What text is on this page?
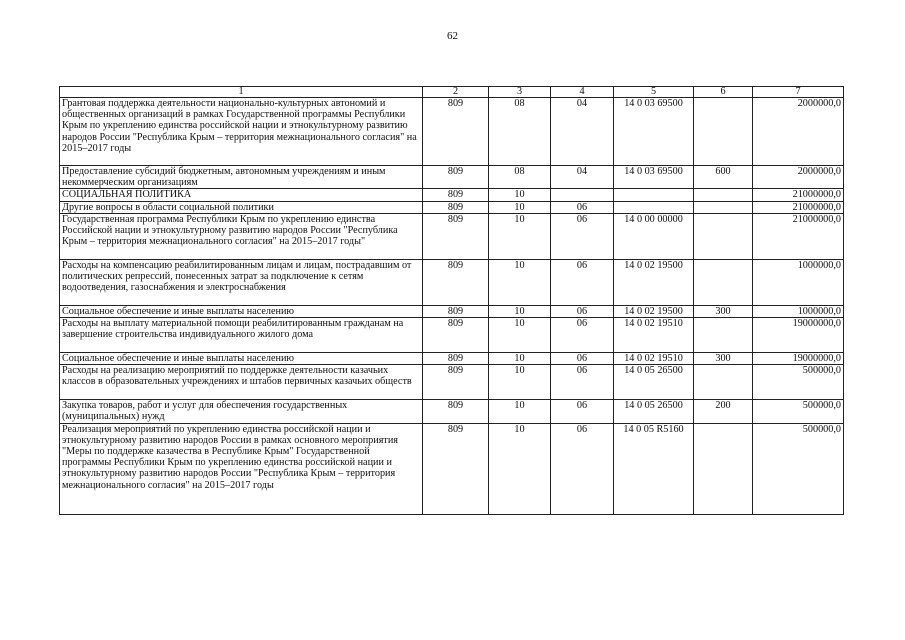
62
1	2	3	4	5	6	7
Грантовая поддержка деятельности национально-культурных автономий и общественных организаций в рамках Государственной программы Республики Крым по укреплению единства российской нации и этнокультурному развитию народов России "Республика Крым – территория межнационального согласия" на 2015–2017 годы	809	08	04	14 0 03 69500		2000000,0
Предоставление субсидий бюджетным, автономным учреждениям и иным некоммерческим организациям	809	08	04	14 0 03 69500	600	2000000,0
СОЦИАЛЬНАЯ ПОЛИТИКА	809	10				21000000,0
Другие вопросы в области социальной политики	809	10	06			21000000,0
Государственная программа Республики Крым по укреплению единства Российской нации и этнокультурному развитию народов России "Республика Крым – территория межнационального согласия" на 2015–2017 годы"	809	10	06	14 0 00 00000		21000000,0
Расходы на компенсацию реабилитированным лицам и лицам, пострадавшим от политических репрессий, понесенных затрат за подключение к сетям водоотведения, газоснабжения и электроснабжения	809	10	06	14 0 02 19500		1000000,0
Социальное обеспечение и иные выплаты населению	809	10	06	14 0 02 19500	300	1000000,0
Расходы на выплату материальной помощи реабилитированным гражданам на завершение строительства индивидуального жилого дома	809	10	06	14 0 02 19510		19000000,0
Социальное обеспечение и иные выплаты населению	809	10	06	14 0 02 19510	300	19000000,0
Расходы на реализацию мероприятий по поддержке деятельности казачьих классов в образовательных учреждениях и штабов первичных казачьих обществ	809	10	06	14 0 05 26500		500000,0
Закупка товаров, работ и услуг для обеспечения государственных (муниципальных) нужд	809	10	06	14 0 05 26500	200	500000,0
Реализация мероприятий по укреплению единства российской нации и этнокультурному развитию народов России в рамках основного мероприятия "Меры по поддержке казачества в Республике Крым" Государственной программы Республики Крым по укреплению единства российской нации и этнокультурному развитию народов России "Республика Крым – территория межнационального согласия" на 2015–2017 годы	809	10	06	14 0 05 R5160		500000,0
